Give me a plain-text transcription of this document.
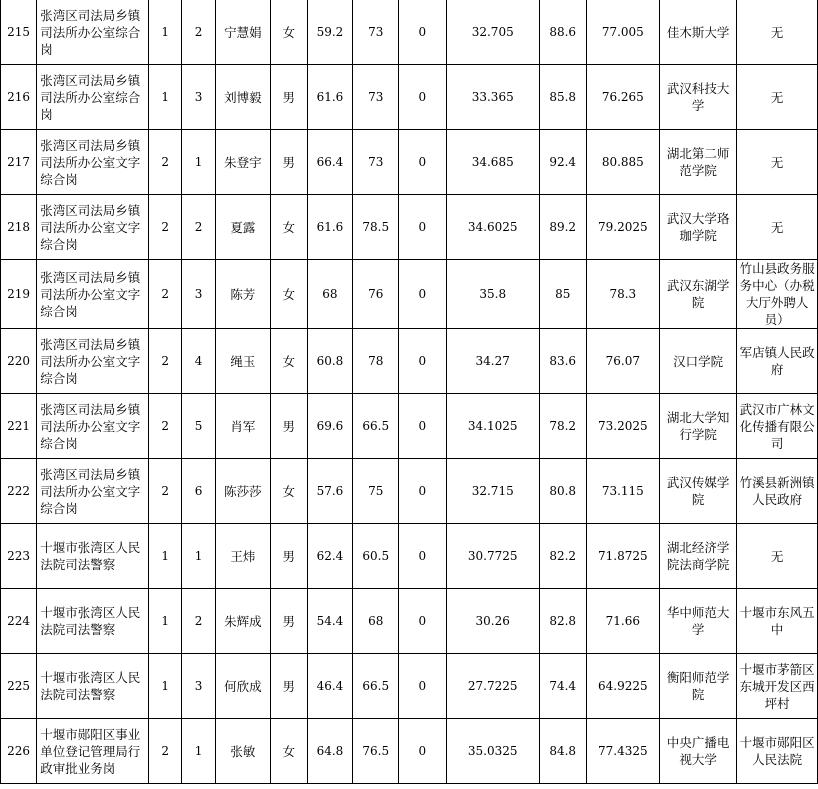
215	张湾区司法局乡镇司法所办公室综合岗	1	2	宁慧娟	女	59.2	73	0	32.705	88.6	77.005	佳木斯大学	无
216	张湾区司法局乡镇司法所办公室综合岗	1	3	刘博毅	男	61.6	73	0	33.365	85.8	76.265	武汉科技大学	无
217	张湾区司法局乡镇司法所办公室文字综合岗	2	1	朱登宇	男	66.4	73	0	34.685	92.4	80.885	湖北第二师范学院	无
218	张湾区司法局乡镇司法所办公室文字综合岗	2	2	夏露	女	61.6	78.5	0	34.6025	89.2	79.2025	武汉大学珞珈学院	无
219	张湾区司法局乡镇司法所办公室文字综合岗	2	3	陈芳	女	68	76	0	35.8	85	78.3	武汉东湖学院	竹山县政务服务中心（办税大厅外聘人员）
220	张湾区司法局乡镇司法所办公室文字综合岗	2	4	绳玉	女	60.8	78	0	34.27	83.6	76.07	汉口学院	军店镇人民政府
221	张湾区司法局乡镇司法所办公室文字综合岗	2	5	肖军	男	69.6	66.5	0	34.1025	78.2	73.2025	湖北大学知行学院	武汉市广林文化传播有限公司
222	张湾区司法局乡镇司法所办公室文字综合岗	2	6	陈莎莎	女	57.6	75	0	32.715	80.8	73.115	武汉传媒学院	竹溪县新洲镇人民政府
223	十堰市张湾区人民法院司法警察	1	1	王炜	男	62.4	60.5	0	30.7725	82.2	71.8725	湖北经济学院法商学院	无
224	十堰市张湾区人民法院司法警察	1	2	朱辉成	男	54.4	68	0	30.26	82.8	71.66	华中师范大学	十堰市东风五中
225	十堰市张湾区人民法院司法警察	1	3	何欣成	男	46.4	66.5	0	27.7225	74.4	64.9225	衡阳师范学院	十堰市茅箭区东城开发区西坪村
226	十堰市郧阳区事业单位登记管理局行政审批业务岗	2	1	张敏	女	64.8	76.5	0	35.0325	84.8	77.4325	中央广播电视大学	十堰市郧阳区人民法院
